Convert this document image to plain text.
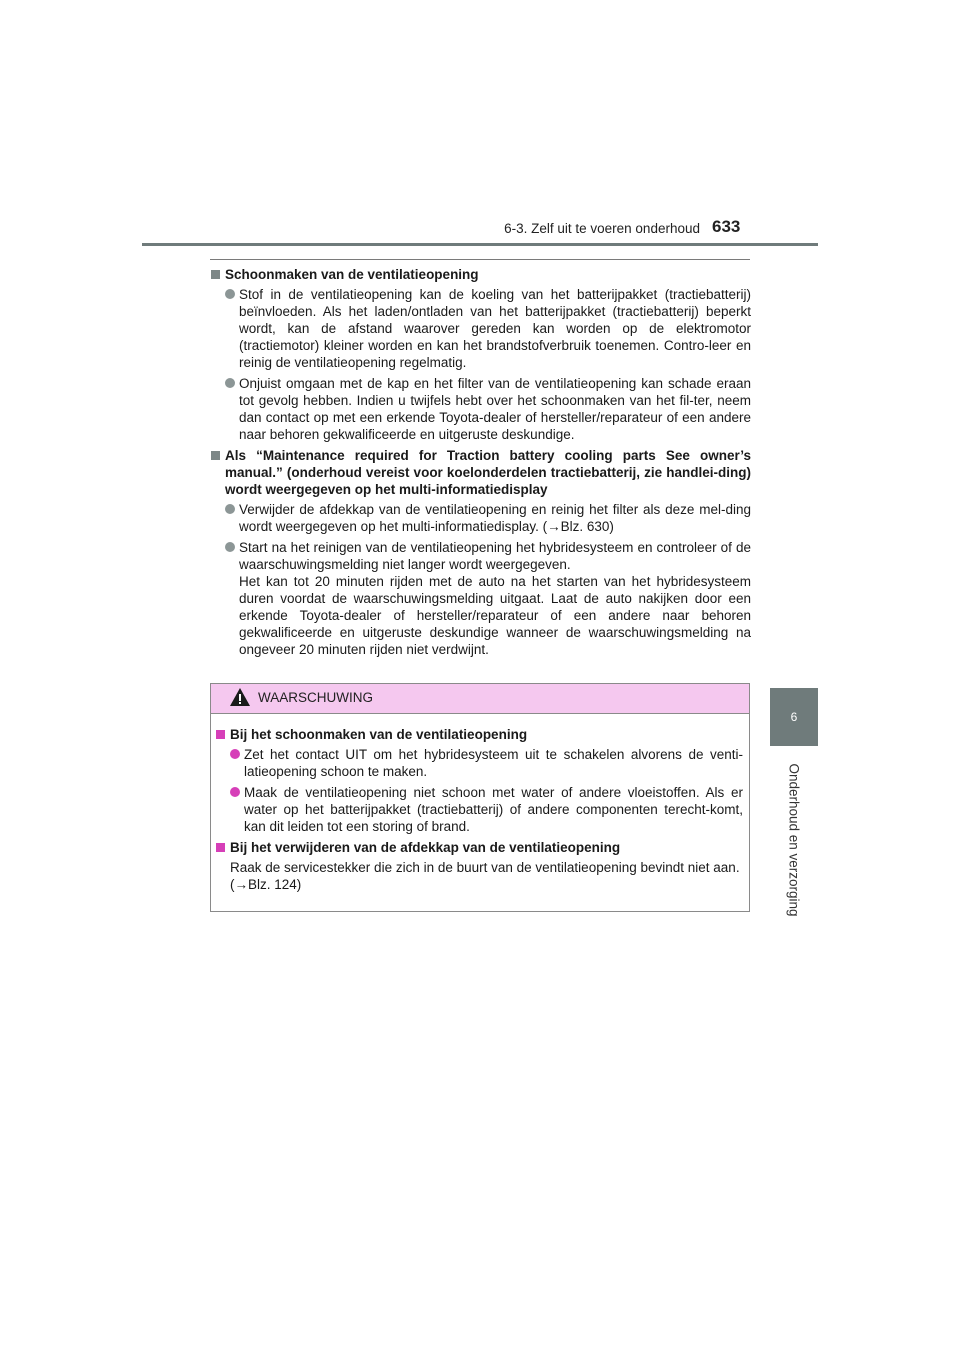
6-3. Zelf uit te voeren onderhoud 633
6
Onderhoud en verzorging
Schoonmaken van de ventilatieopening
Stof in de ventilatieopening kan de koeling van het batterijpakket (tractiebatterij) beïnvloeden. Als het laden/ontladen van het batterijpakket (tractiebatterij) beperkt wordt, kan de afstand waarover gereden kan worden op de elektromotor (tractiemotor) kleiner worden en kan het brandstofverbruik toenemen. Contro-leer en reinig de ventilatieopening regelmatig.
Onjuist omgaan met de kap en het filter van de ventilatieopening kan schade eraan tot gevolg hebben. Indien u twijfels hebt over het schoonmaken van het fil-ter, neem dan contact op met een erkende Toyota-dealer of hersteller/reparateur of een andere naar behoren gekwalificeerde en uitgeruste deskundige.
Als “Maintenance required for Traction battery cooling parts See owner’s manual.” (onderhoud vereist voor koelonderdelen tractiebatterij, zie handlei-ding) wordt weergegeven op het multi-informatiedisplay
Verwijder de afdekkap van de ventilatieopening en reinig het filter als deze mel-ding wordt weergegeven op het multi-informatiedisplay. (→Blz. 630)
Start na het reinigen van de ventilatieopening het hybridesysteem en controleer of de waarschuwingsmelding niet langer wordt weergegeven.
Het kan tot 20 minuten rijden met de auto na het starten van het hybridesysteem duren voordat de waarschuwingsmelding uitgaat. Laat de auto nakijken door een erkende Toyota-dealer of hersteller/reparateur of een andere naar behoren gekwalificeerde en uitgeruste deskundige wanneer de waarschuwingsmelding na ongeveer 20 minuten rijden niet verdwijnt.
WAARSCHUWING
Bij het schoonmaken van de ventilatieopening
Zet het contact UIT om het hybridesysteem uit te schakelen alvorens de venti-latieopening schoon te maken.
Maak de ventilatieopening niet schoon met water of andere vloeistoffen. Als er water op het batterijpakket (tractiebatterij) of andere componenten terecht-komt, kan dit leiden tot een storing of brand.
Bij het verwijderen van de afdekkap van de ventilatieopening
Raak de servicestekker die zich in de buurt van de ventilatieopening bevindt niet aan. (→Blz. 124)
